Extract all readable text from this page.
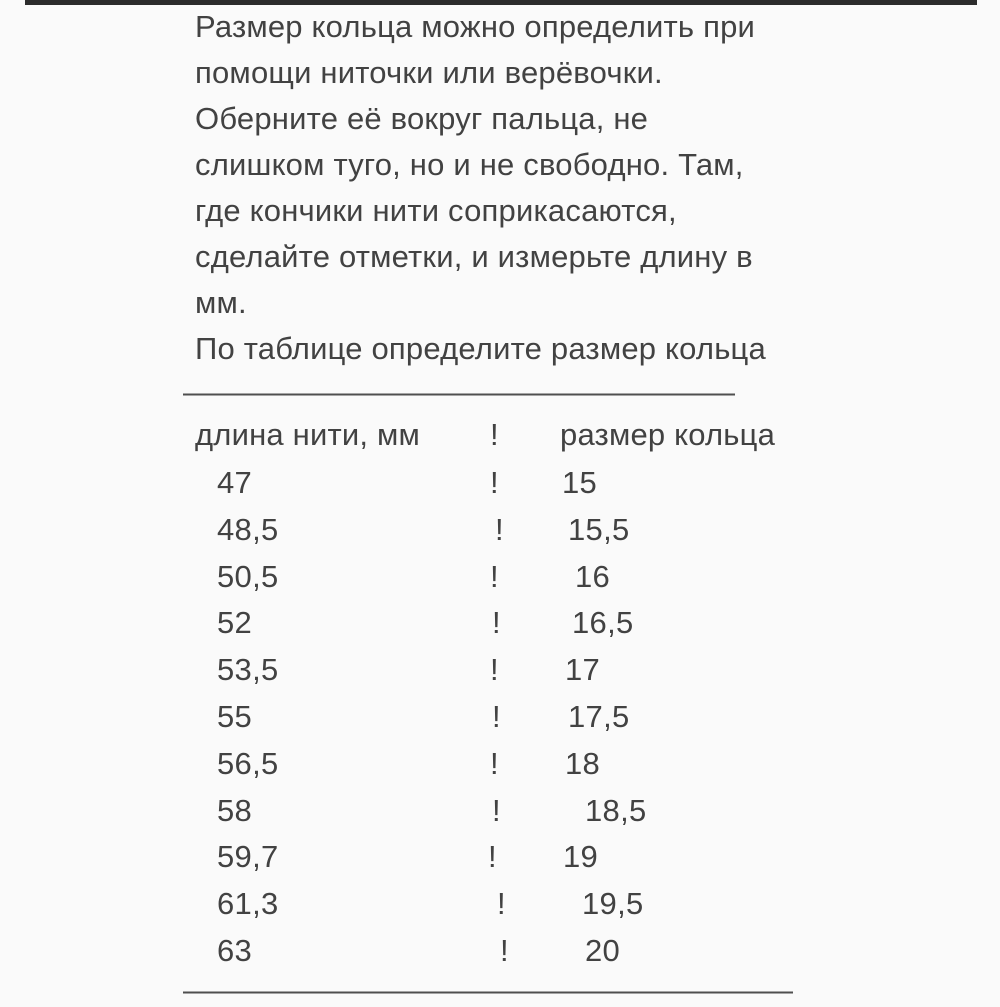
Размер кольца можно определить при
помощи ниточки или верёвочки.
Оберните её вокруг пальца, не
слишком туго, но и не свободно. Там,
где кончики нити соприкасаются,
сделайте отметки, и измерьте длину в
мм.
По таблице определите размер кольца
———————————————————
длина нити, мм ! размер кольца
47	! 15
48,5	! 15,5
50,5	! 16
52	! 16,5
53,5	! 17
55	! 17,5
56,5	! 18
58	!	18,5
59,7	! 19
61,3	! 19,5
63	! 20
—————————————————————
